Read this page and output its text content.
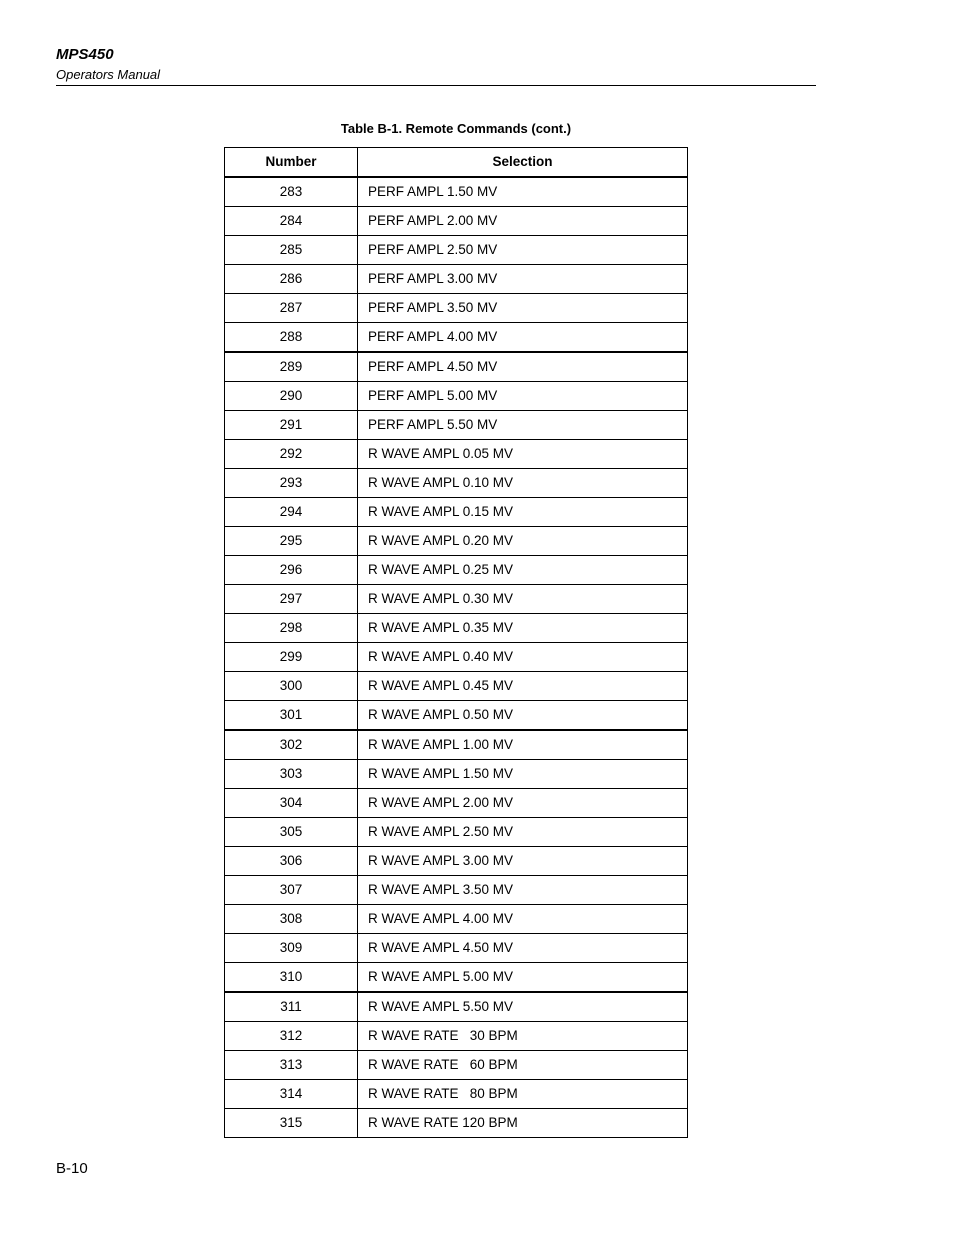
MPS450
Operators Manual
Table B-1. Remote Commands (cont.)
Number	Selection
283	PERF AMPL 1.50 MV
284	PERF AMPL 2.00 MV
285	PERF AMPL 2.50 MV
286	PERF AMPL 3.00 MV
287	PERF AMPL 3.50 MV
288	PERF AMPL 4.00 MV
289	PERF AMPL 4.50 MV
290	PERF AMPL 5.00 MV
291	PERF AMPL 5.50 MV
292	R WAVE AMPL 0.05 MV
293	R WAVE AMPL 0.10 MV
294	R WAVE AMPL 0.15 MV
295	R WAVE AMPL 0.20 MV
296	R WAVE AMPL 0.25 MV
297	R WAVE AMPL 0.30 MV
298	R WAVE AMPL 0.35 MV
299	R WAVE AMPL 0.40 MV
300	R WAVE AMPL 0.45 MV
301	R WAVE AMPL 0.50 MV
302	R WAVE AMPL 1.00 MV
303	R WAVE AMPL 1.50 MV
304	R WAVE AMPL 2.00 MV
305	R WAVE AMPL 2.50 MV
306	R WAVE AMPL 3.00 MV
307	R WAVE AMPL 3.50 MV
308	R WAVE AMPL 4.00 MV
309	R WAVE AMPL 4.50 MV
310	R WAVE AMPL 5.00 MV
311	R WAVE AMPL 5.50 MV
312	R WAVE RATE   30 BPM
313	R WAVE RATE   60 BPM
314	R WAVE RATE   80 BPM
315	R WAVE RATE 120 BPM
B-10
